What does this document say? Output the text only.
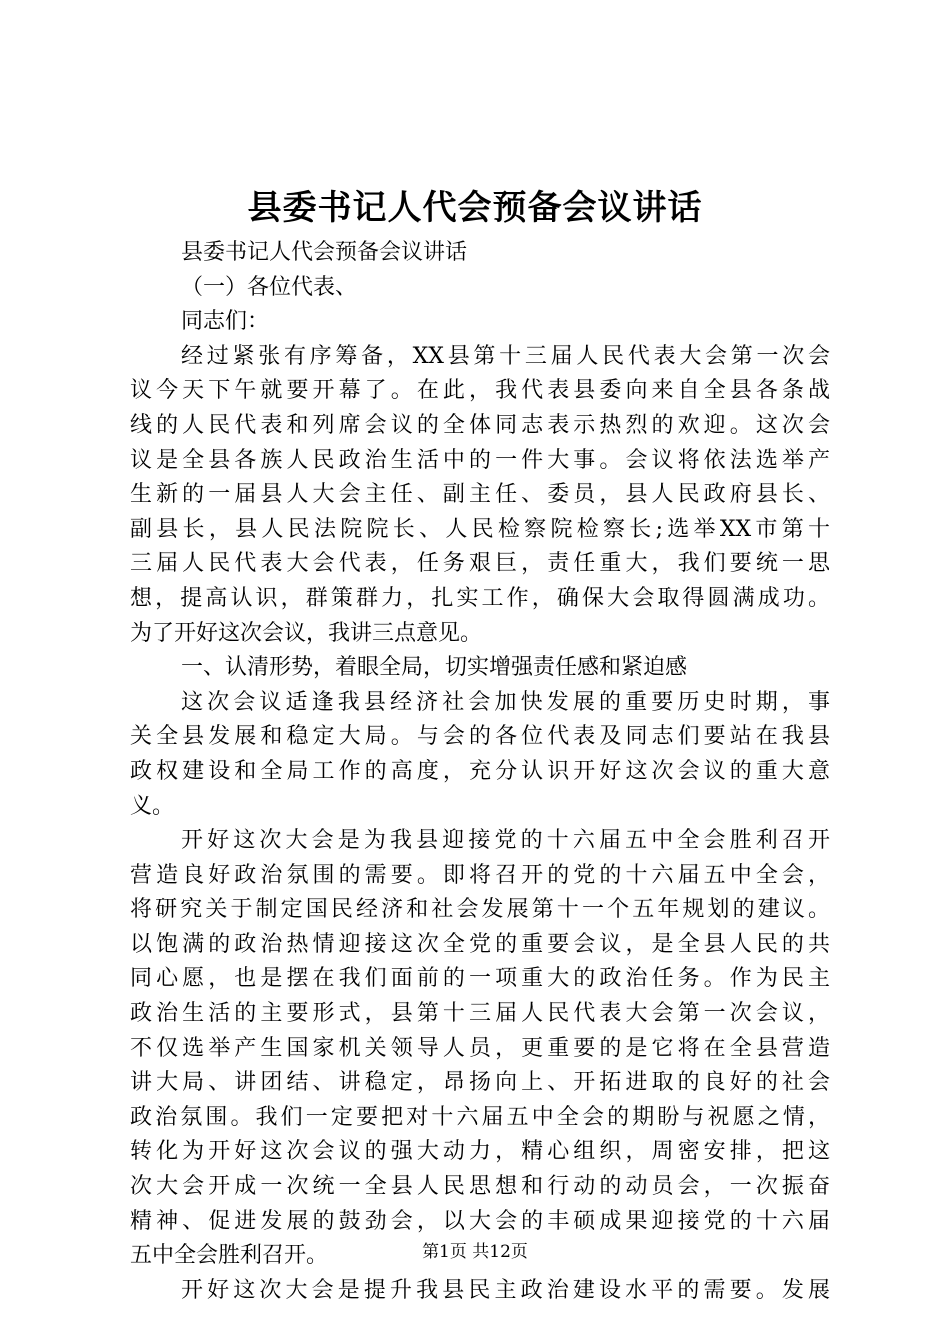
县委书记人代会预备会议讲话
县委书记人代会预备会议讲话
（一）各位代表、
同志们：
经过紧张有序筹备，XX县第十三届人民代表大会第一次会
议今天下午就要开幕了。在此，我代表县委向来自全县各条战
线的人民代表和列席会议的全体同志表示热烈的欢迎。这次会
议是全县各族人民政治生活中的一件大事。会议将依法选举产
生新的一届县人大会主任、副主任、委员，县人民政府县长、
副县长，县人民法院院长、人民检察院检察长;选举XX市第十
三届人民代表大会代表，任务艰巨，责任重大，我们要统一思
想，提高认识，群策群力，扎实工作，确保大会取得圆满成功。
为了开好这次会议，我讲三点意见。
一、认清形势，着眼全局，切实增强责任感和紧迫感
这次会议适逢我县经济社会加快发展的重要历史时期，事
关全县发展和稳定大局。与会的各位代表及同志们要站在我县
政权建设和全局工作的高度，充分认识开好这次会议的重大意
义。
开好这次大会是为我县迎接党的十六届五中全会胜利召开
营造良好政治氛围的需要。即将召开的党的十六届五中全会，
将研究关于制定国民经济和社会发展第十一个五年规划的建议。
以饱满的政治热情迎接这次全党的重要会议，是全县人民的共
同心愿，也是摆在我们面前的一项重大的政治任务。作为民主
政治生活的主要形式，县第十三届人民代表大会第一次会议，
不仅选举产生国家机关领导人员，更重要的是它将在全县营造
讲大局、讲团结、讲稳定，昂扬向上、开拓进取的良好的社会
政治氛围。我们一定要把对十六届五中全会的期盼与祝愿之情，
转化为开好这次会议的强大动力，精心组织，周密安排，把这
次大会开成一次统一全县人民思想和行动的动员会，一次振奋
精神、促进发展的鼓劲会，以大会的丰硕成果迎接党的十六届
五中全会胜利召开。
开好这次大会是提升我县民主政治建设水平的需要。发展
第1页 共12页
